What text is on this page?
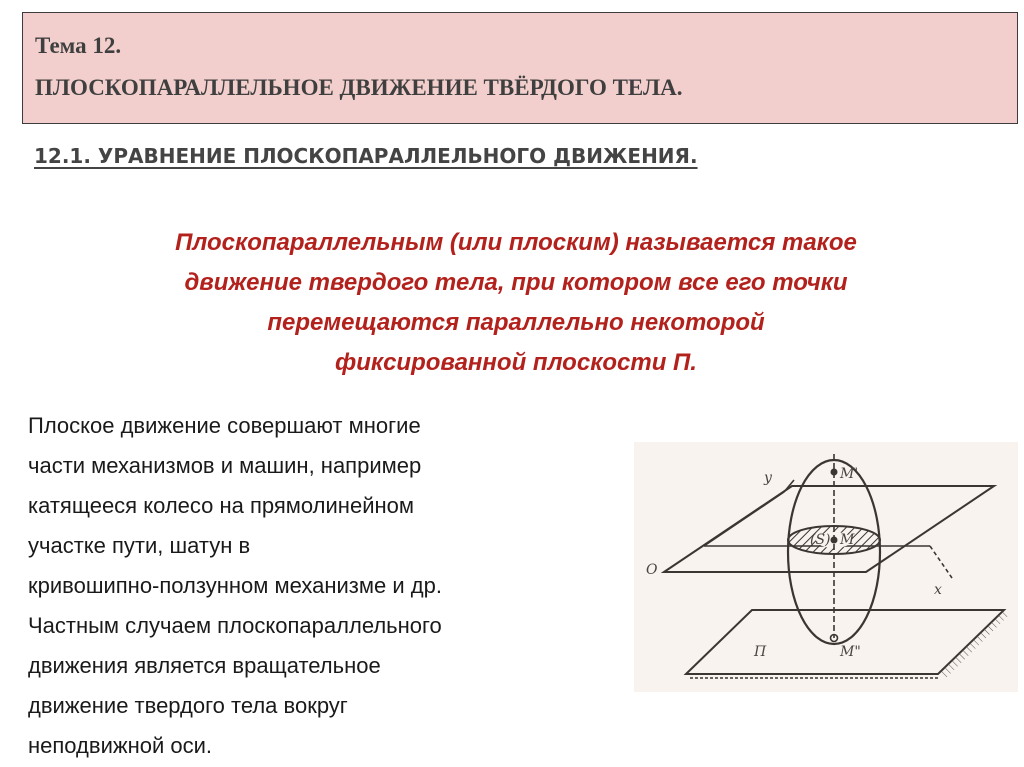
Тема 12.

ПЛОСКОПАРАЛЛЕЛЬНОЕ ДВИЖЕНИЕ ТВЁРДОГО ТЕЛА.

12.1. УРАВНЕНИЕ ПЛОСКОПАРАЛЛЕЛЬНОГО ДВИЖЕНИЯ.

Плоскопараллельным (или плоским) называется такое
движение твердого тела, при котором все его точки
перемещаются параллельно некоторой
фиксированной плоскости П.

Плоское движение совершают многие
части механизмов и машин, например
катящееся колесо на прямолинейном
участке пути, шатун в
кривошипно-ползунном механизме и др.
Частным случаем плоскопараллельного
движения является вращательное
движение твердого тела вокруг
неподвижной оси.

у	M'
(S) M
О
x
M"
П
